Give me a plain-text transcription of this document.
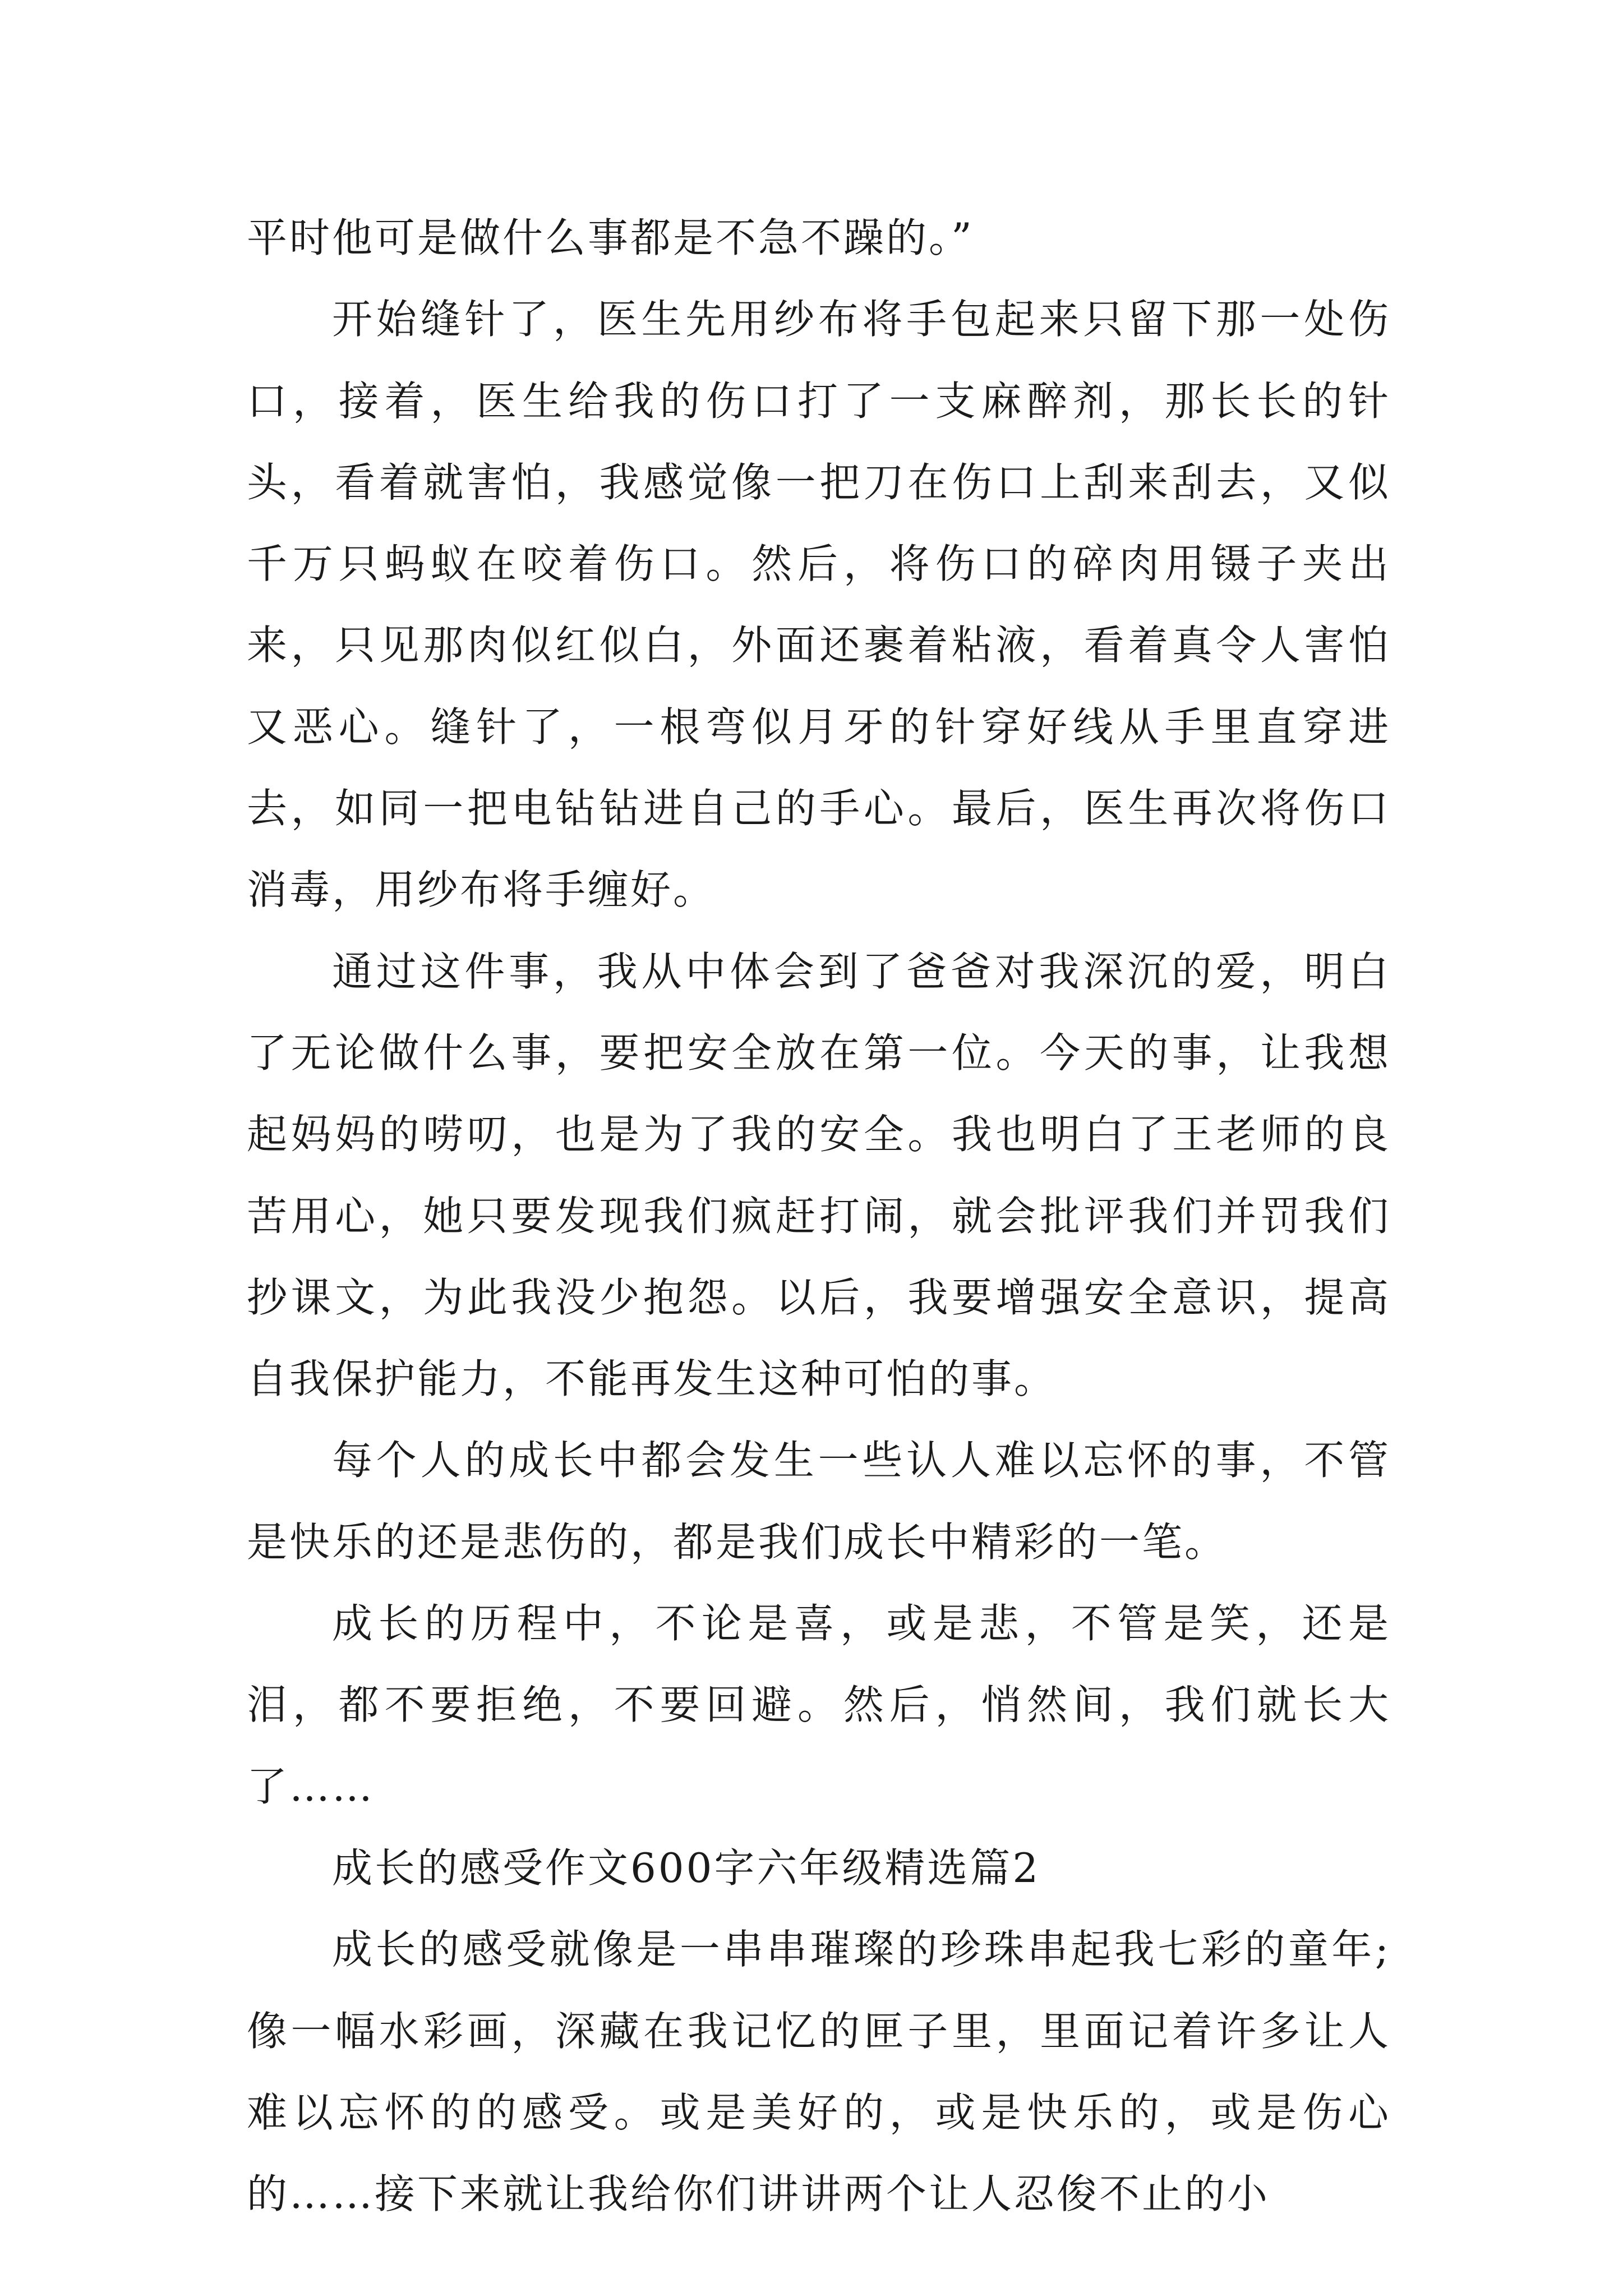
平时他可是做什么事都是不急不躁的。”

开始缝针了，医生先用纱布将手包起来只留下那一处伤口，接着，医生给我的伤口打了一支麻醉剂，那长长的针头，看着就害怕，我感觉像一把刀在伤口上刮来刮去，又似千万只蚂蚁在咬着伤口。然后，将伤口的碎肉用镊子夹出来，只见那肉似红似白，外面还裹着粘液，看着真令人害怕又恶心。缝针了，一根弯似月牙的针穿好线从手里直穿进去，如同一把电钻钻进自己的手心。最后，医生再次将伤口消毒，用纱布将手缠好。

通过这件事，我从中体会到了爸爸对我深沉的爱，明白了无论做什么事，要把安全放在第一位。今天的事，让我想起妈妈的唠叨，也是为了我的安全。我也明白了王老师的良苦用心，她只要发现我们疯赶打闹，就会批评我们并罚我们抄课文，为此我没少抱怨。以后，我要增强安全意识，提高自我保护能力，不能再发生这种可怕的事。

每个人的成长中都会发生一些认人难以忘怀的事，不管是快乐的还是悲伤的，都是我们成长中精彩的一笔。

成长的历程中，不论是喜，或是悲，不管是笑，还是泪，都不要拒绝，不要回避。然后，悄然间，我们就长大了……

成长的感受作文600字六年级精选篇2

成长的感受就像是一串串璀璨的珍珠串起我七彩的童年;像一幅水彩画，深藏在我记忆的匣子里，里面记着许多让人难以忘怀的的感受。或是美好的，或是快乐的，或是伤心的……接下来就让我给你们讲讲两个让人忍俊不止的小
